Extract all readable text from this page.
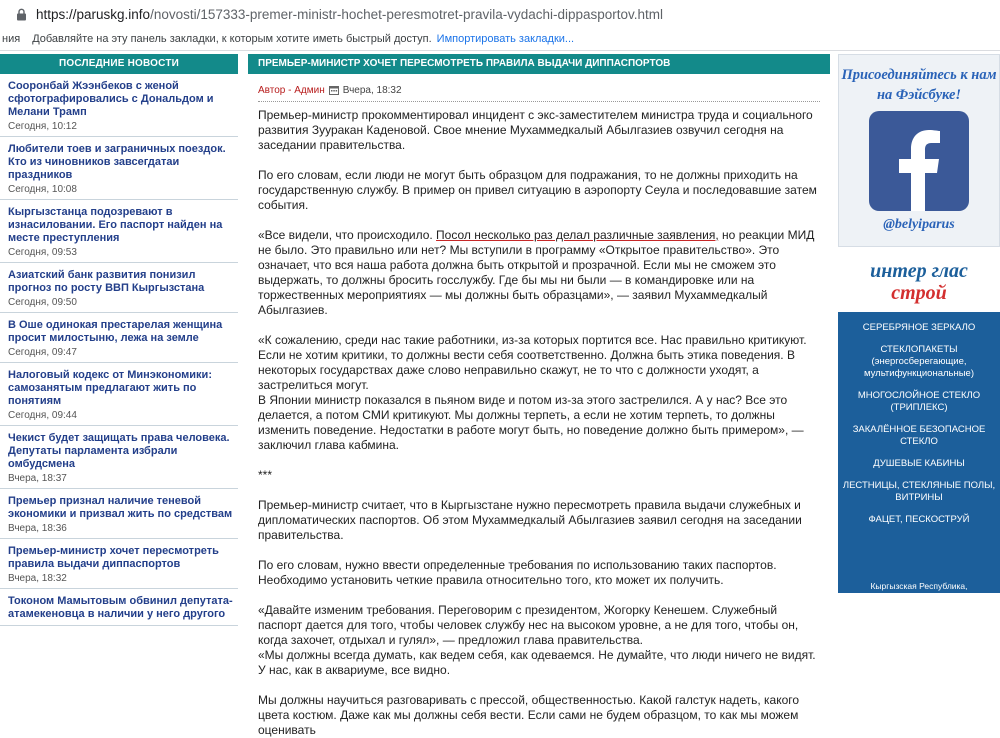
https://paruskg.info /novosti/157333-premer-ministr-hochet-peresmotret-pravila-vydachi-dippasportov.html
ния Добавляйте на эту панель закладки, к которым хотите иметь быстрый доступ. Импортировать закладки...
ПОСЛЕДНИЕ НОВОСТИ
Сооронбай Жээнбеков с женой сфотографировались с Дональдом и Мелани Трамп
Сегодня, 10:12
Любители тоев и заграничных поездок. Кто из чиновников завсегдатаи праздников
Сегодня, 10:08
Кыргызстанца подозревают в изнасиловании. Его паспорт найден на месте преступления
Сегодня, 09:53
Азиатский банк развития понизил прогноз по росту ВВП Кыргызстана
Сегодня, 09:50
В Оше одинокая престарелая женщина просит милостыню, лежа на земле
Сегодня, 09:47
Налоговый кодекс от Минэкономики: самозанятым предлагают жить по понятиям
Сегодня, 09:44
Чекист будет защищать права человека. Депутаты парламента избрали омбудсмена
Вчера, 18:37
Премьер признал наличие теневой экономики и призвал жить по средствам
Вчера, 18:36
Премьер-министр хочет пересмотреть правила выдачи диппаспортов
Вчера, 18:32
Токоном Мамытовым обвинил депутата-атамекеновца в наличии у него другого
ПРЕМЬЕР-МИНИСТР ХОЧЕТ ПЕРЕСМОТРЕТЬ ПРАВИЛА ВЫДАЧИ ДИППАСПОРТОВ
Автор - Админ Вчера, 18:32

Премьер-министр прокомментировал инцидент с экс-заместителем министра труда и социального развития Зууракан Кадeновой. Свое мнение Мухаммедкалый Абылгазиев озвучил сегодня на заседании правительства.

По его словам, если люди не могут быть образцом для подражания, то не должны приходить на государственную службу. В пример он привел ситуацию в аэропорту Сеула и последовавшие затем события.

«Все видели, что происходило. Посол несколько раз делал различные заявления, но реакции МИД не было. Это правильно или нет? Мы вступили в программу «Открытое правительство». Это означает, что вся наша работа должна быть открытой и прозрачной. Если мы не сможем это выдержать, то должны бросить госслужбу. Где бы мы ни были — в командировке или на торжественных мероприятиях — мы должны быть образцами», — заявил Мухаммедкалый Абылгазиев.

«К сожалению, среди нас такие работники, из-за которых портится все. Нас правильно критикуют. Если не хотим критики, то должны вести себя соответственно. Должна быть этика поведения. В некоторых государствах даже слово неправильно скажут, не то что с должности уходят, а застрелиться могут.
В Японии министр показался в пьяном виде и потом из-за этого застрелился. А у нас? Все это делается, а потом СМИ критикуют. Мы должны терпеть, а если не хотим терпеть, то должны изменить поведение. Недостатки в работе могут быть, но поведение должно быть примером», — заключил глава кабмина.

***

Премьер-министр считает, что в Кыргызстане нужно пересмотреть правила выдачи служебных и дипломатических паспортов. Об этом Мухаммедкалый Абылгазиев заявил сегодня на заседании правительства.

По его словам, нужно ввести определенные требования по использованию таких паспортов. Необходимо установить четкие правила относительно того, кто может их получить.

«Давайте изменим требования. Переговорим с президентом, Жогорку Кенешем. Служебный паспорт дается для того, чтобы человек службу нес на высоком уровне, а не для того, чтобы он, когда захочет, отдыхал и гулял», — предложил глава правительства.
«Мы должны всегда думать, как ведем себя, как одеваемся. Не думайте, что люди ничего не видят. У нас, как в аквариуме, все видно.

Мы должны научиться разговаривать с прессой, общественностью. Какой галстук надеть, какого цвета костюм. Даже как мы должны себя вести. Если сами не будем образцом, то как мы можем оценивать

Присоединяйтесь к нам на Фэйсбуке!
@belyiparus
интер глас
строй
СЕРЕБРЯНОЕ ЗЕРКАЛО
СТЕКЛОПАКЕТЫ (энергосберегающие, мультифункциональные)
МНОГОСЛОЙНОЕ СТЕКЛО (ТРИПЛЕКС)
ЗАКАЛЁННОЕ БЕЗОПАСНОЕ СТЕКЛО
ДУШЕВЫЕ КАБИНЫ
ЛЕСТНИЦЫ, СТЕКЛЯНЫЕ ПОЛЫ, ВИТРИНЫ
ФАЦЕТ, ПЕСКОСТРУЙ
Кыргызская Республика,
